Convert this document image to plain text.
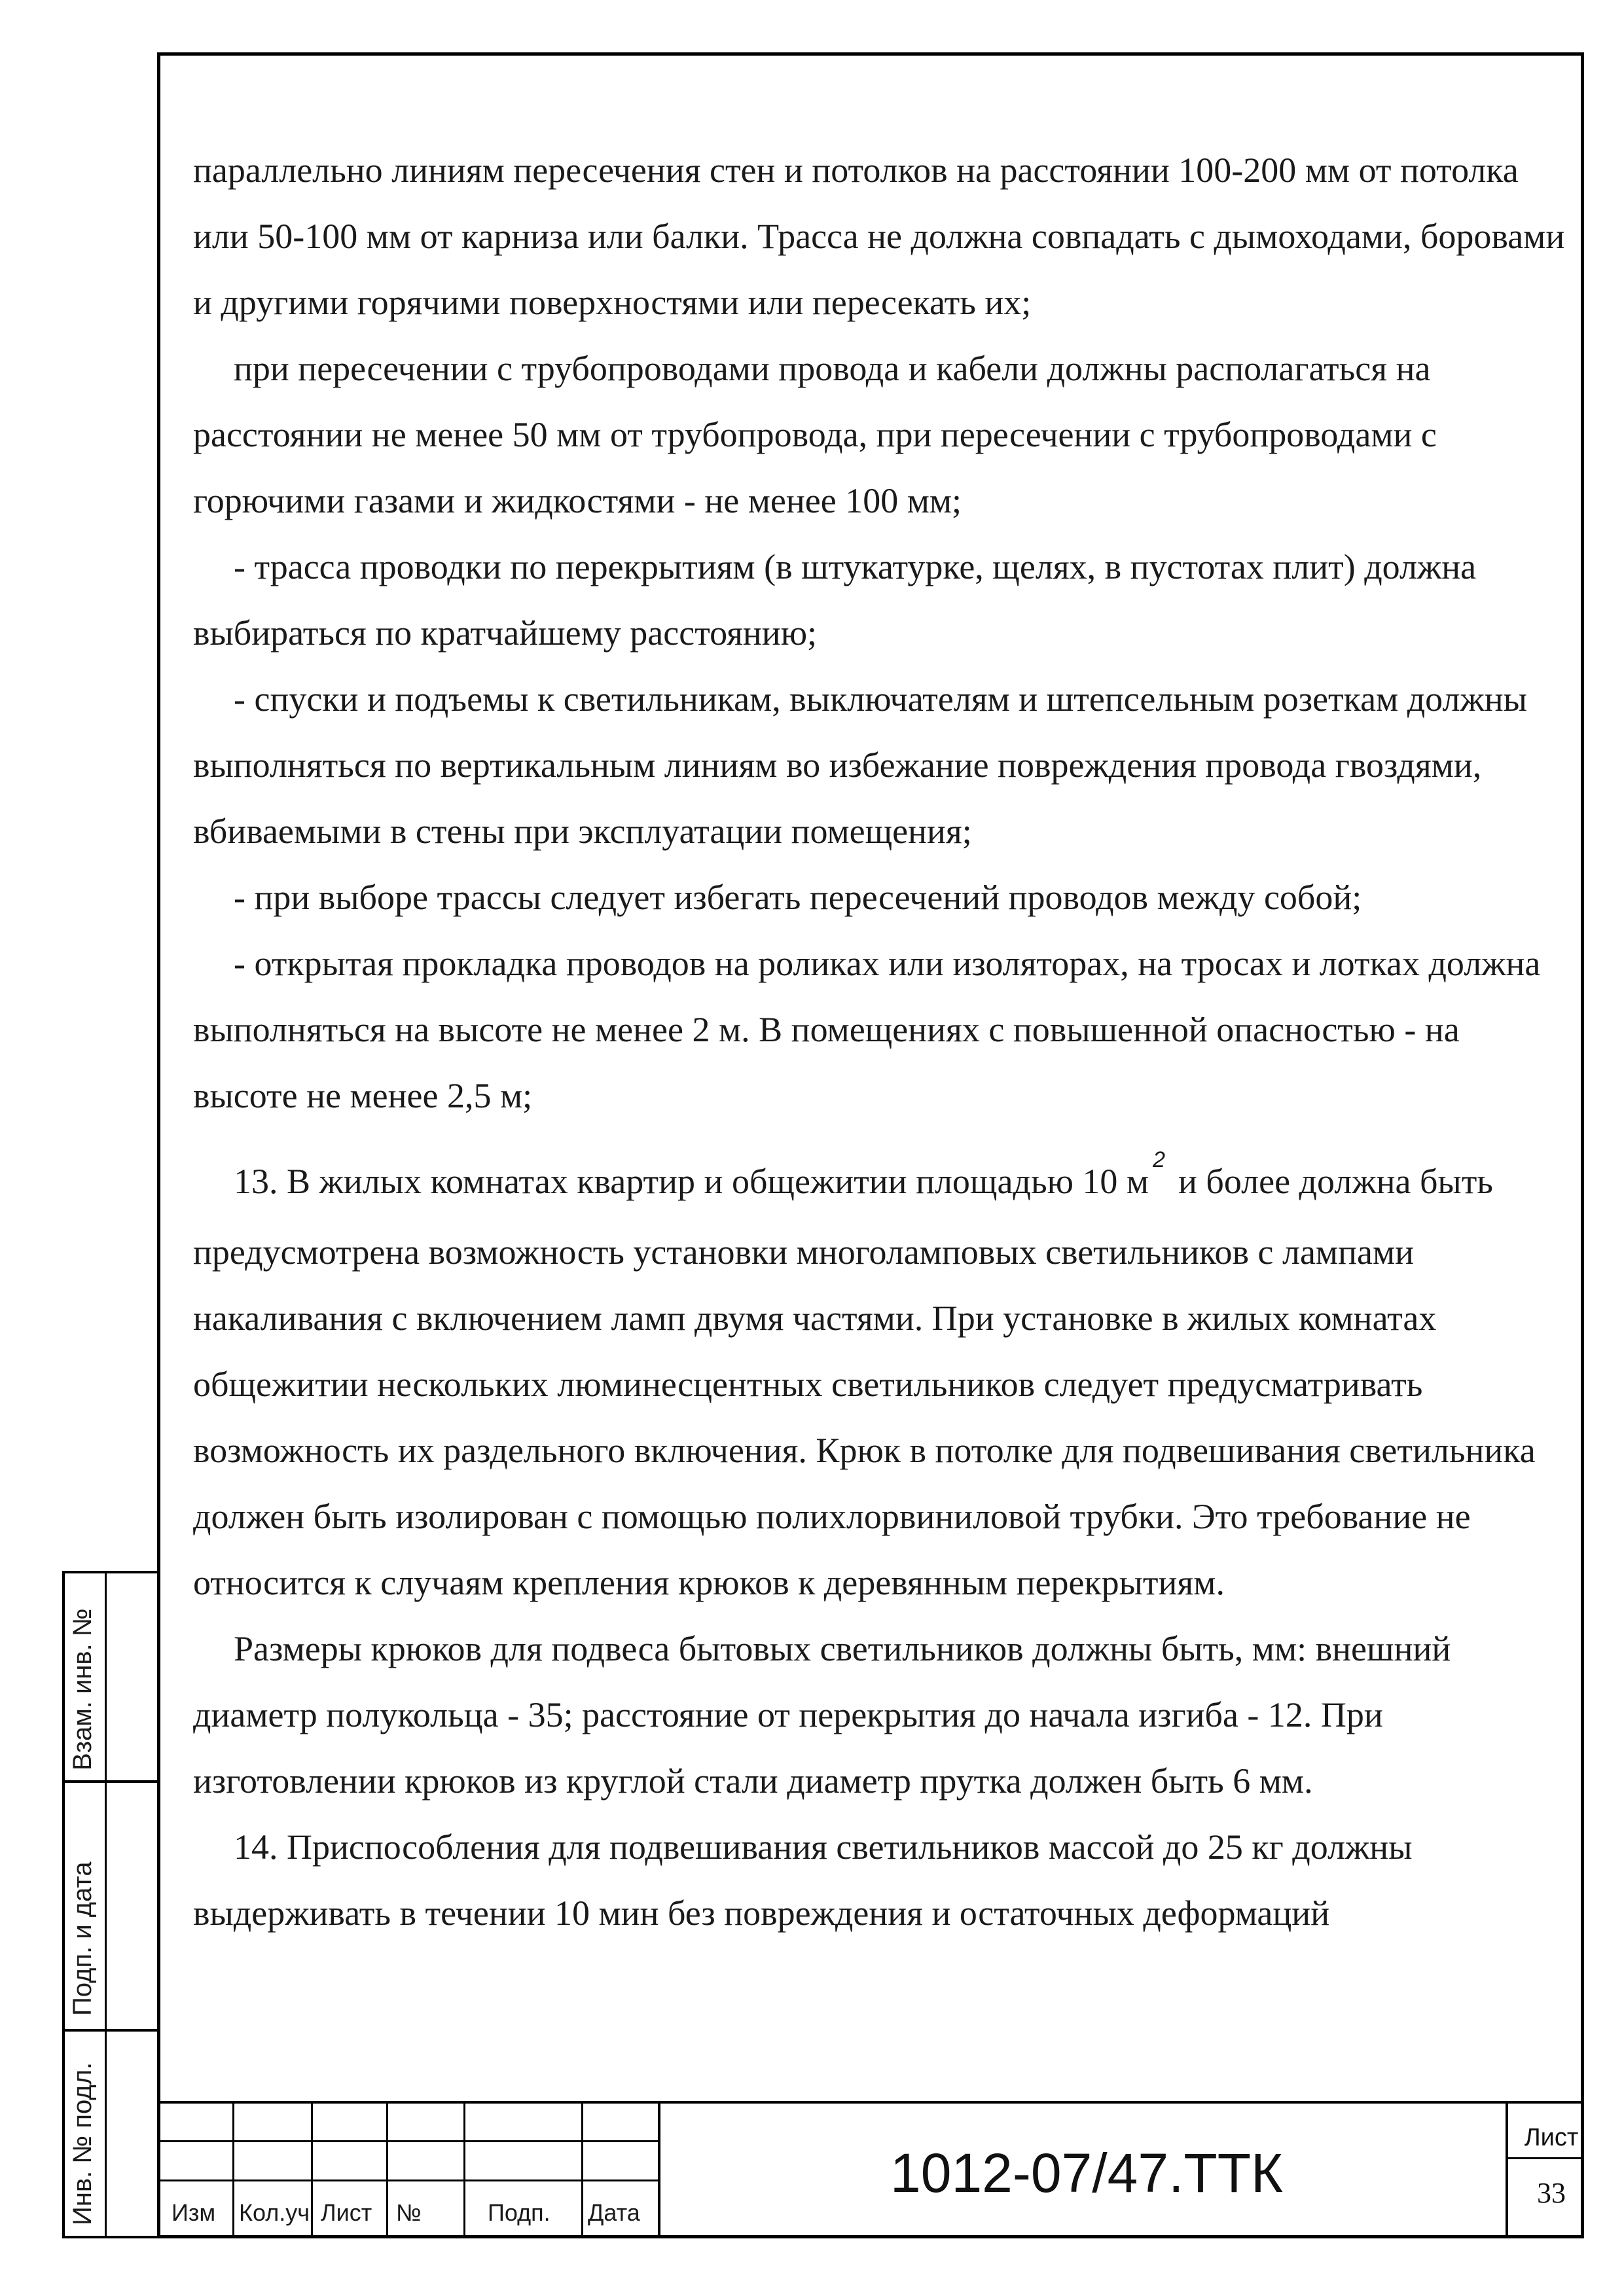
параллельно линиям пересечения стен и потолков на расстоянии 100-200 мм от потолка или 50-100 мм от карниза или балки. Трасса не должна совпадать с дымоходами, боровами и другими горячими поверхностями или пересекать их;

при пересечении с трубопроводами провода и кабели должны располагаться на расстоянии не менее 50 мм от трубопровода, при пересечении с трубопроводами с горючими газами и жидкостями - не менее 100 мм;

- трасса проводки по перекрытиям (в штукатурке, щелях, в пустотах плит) должна выбираться по кратчайшему расстоянию;

- спуски и подъемы к светильникам, выключателям и штепсельным розеткам должны выполняться по вертикальным линиям во избежание повреждения провода гвоздями, вбиваемыми в стены при эксплуатации помещения;

- при выборе трассы следует избегать пересечений проводов между собой;

- открытая прокладка проводов на роликах или изоляторах, на тросах и лотках должна выполняться на высоте не менее 2 м. В помещениях с повышенной опасностью - на высоте не менее 2,5 м;

13. В жилых комнатах квартир и общежитии площадью 10 $м^2и$ более должна быть предусмотрена возможность установки многоламповых светильников с лампами накаливания с включением ламп двумя частями. При установке в жилых комнатах общежитии нескольких люминесцентных светильников следует предусматривать возможность их раздельного включения. Крюк в потолке для подвешивания светильника должен быть изолирован с помощью полихлорвиниловой трубки. Это требование не относится к случаям крепления крюков к деревянным перекрытиям.

Размеры крюков для подвеса бытовых светильников должны быть, мм: внешний диаметр полукольца - 35; расстояние от перекрытия до начала изгиба - 12. При изготовлении крюков из круглой стали диаметр прутка должен быть 6 мм.

14. Приспособления для подвешивания светильников массой до 25 кг должны выдерживать в течении 10 мин без повреждения и остаточных деформаций

Взам. инв. №
Подп. и дата
Инв. № подл.	Изм Кол.уч Лист №	Подп. Дата
1012-07/47.ТТК
Лист
33
